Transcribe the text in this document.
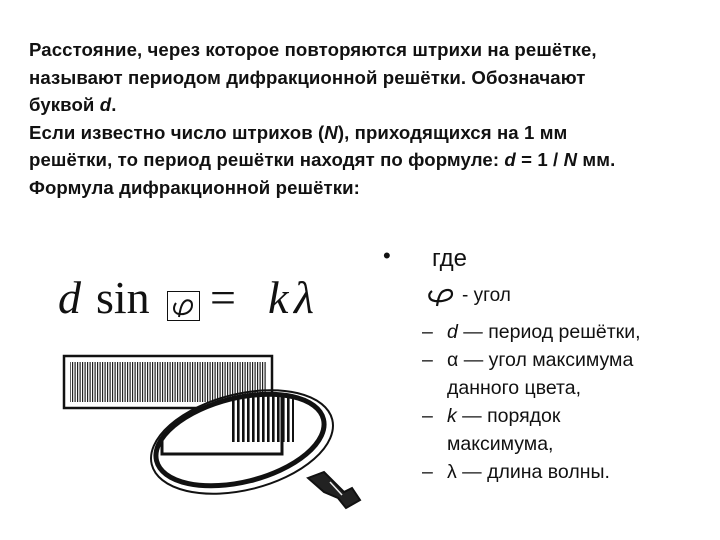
Расстояние, через которое повторяются штрихи на решётке,
называют периодом дифракционной решётки. Обозначают
буквой d.
Если известно число штрихов (N), приходящихся на 1 мм
решётки, то период решётки находят по формуле: d = 1 / N мм.
Формула дифракционной решётки:
d sin = k λ
• где
- угол
– d — период решётки,
– α — угол максимума
данного цвета,
– k — порядок
максимума,
– λ — длина волны.
